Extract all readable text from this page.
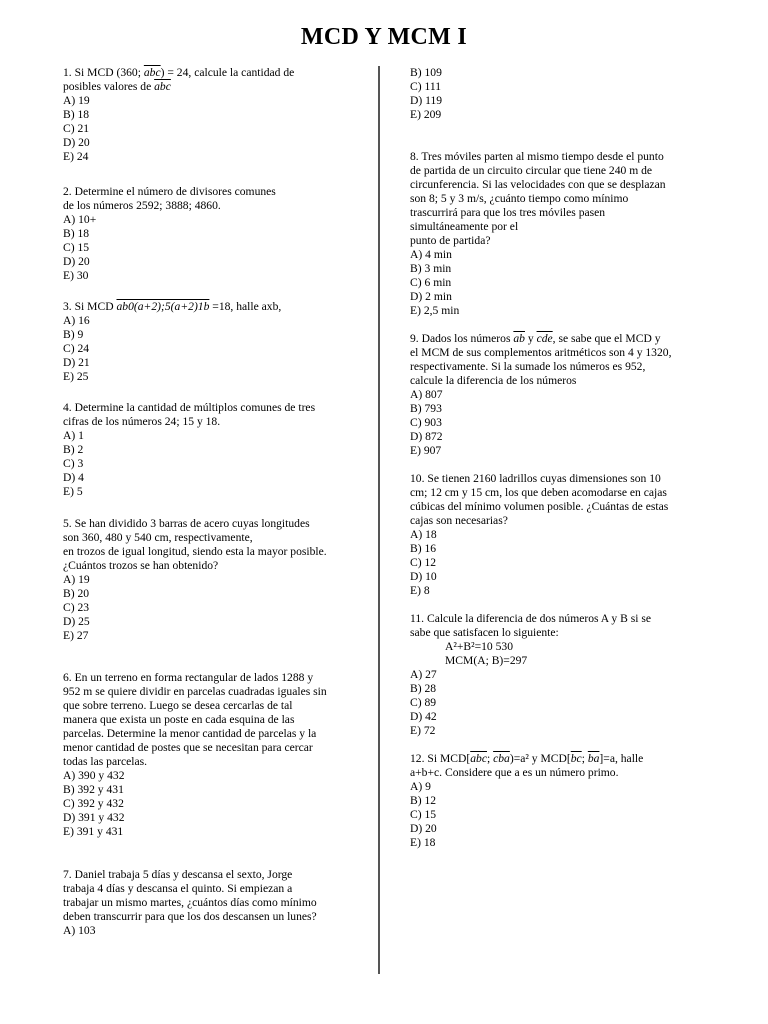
MCD Y MCM I
1. Si MCD (360; $\overline{abc}) = 24$, calcule la cantidad de
posibles valores de $\overline{abc}$
A) 19
B) 18
C) 21
D) 20
E) 24
2. Determine el número de divisores comunes
de los números 2592; 3888; 4860.
A) 10+
B) 18
C) 15
D) 20
E) 30
3. Si MCD ab0(a+2);5(a+2)1b =18, halle axb,
A) 16
B) 9
C) 24
D) 21
E) 25
4. Determine la cantidad de múltiplos comunes de tres
cifras de los números 24; 15 y 18.
A) 1
B) 2
C) 3
D) 4
E) 5
5. Se han dividido 3 barras de acero cuyas longitudes
son 360, 480 y 540 cm, respectivamente,
en trozos de igual longitud, siendo esta la mayor posible.
¿Cuántos trozos se han obtenido?
A) 19
B) 20
C) 23
D) 25
E) 27
6. En un terreno en forma rectangular de lados 1288 y
952 m se quiere dividir en parcelas cuadradas iguales sin
que sobre terreno. Luego se desea cercarlas de tal
manera que exista un poste en cada esquina de las
parcelas. Determine la menor cantidad de parcelas y la
menor cantidad de postes que se necesitan para cercar
todas las parcelas.
A) 390 y 432
B) 392 y 431
C) 392 y 432
D) 391 y 432
E) 391 y 431
7. Daniel trabaja 5 días y descansa el sexto, Jorge
trabaja 4 días y descansa el quinto. Si empiezan a
trabajar un mismo martes, ¿cuántos días como mínimo
deben transcurrir para que los dos descansen un lunes?
A) 103
B) 109
C) 111
D) 119
E) 209
8. Tres móviles parten al mismo tiempo desde el punto
de partida de un circuito circular que tiene 240 m de
circunferencia. Si las velocidades con que se desplazan
son 8; 5 y 3 m/s, ¿cuánto tiempo como mínimo
trascurrirá para que los tres móviles pasen
simultáneamente por el
punto de partida?
A) 4 min
B) 3 min
C) 6 min
D) 2 min
E) 2,5 min
9. Dados los números $\overline{ab}$ y $\overline{cde}$, se sabe que el MCD y
el MCM de sus complementos aritméticos son 4 y 1320,
respectivamente. Si la sumade los números es 952,
calcule la diferencia de los números
A) 807
B) 793
C) 903
D) 872
E) 907
10. Se tienen 2160 ladrillos cuyas dimensiones son 10
cm; 12 cm y 15 cm, los que deben acomodarse en cajas
cúbicas del mínimo volumen posible. ¿Cuántas de estas
cajas son necesarias?
A) 18
B) 16
C) 12
D) 10
E) 8
11. Calcule la diferencia de dos números A y B si se
sabe que satisfacen lo siguiente:
A²+B²=10 530
MCM(A; B)=297
A) 27
B) 28
C) 89
D) 42
E) 72
12. Si $MCD[\overline{abc}$; $\overline{cba})=a^2$ y $MCD[\overline{bc}$; $\overline{ba}]=a$, halle
a+b+c. Considere que a es un número primo.
A) 9
B) 12
C) 15
D) 20
E) 18
